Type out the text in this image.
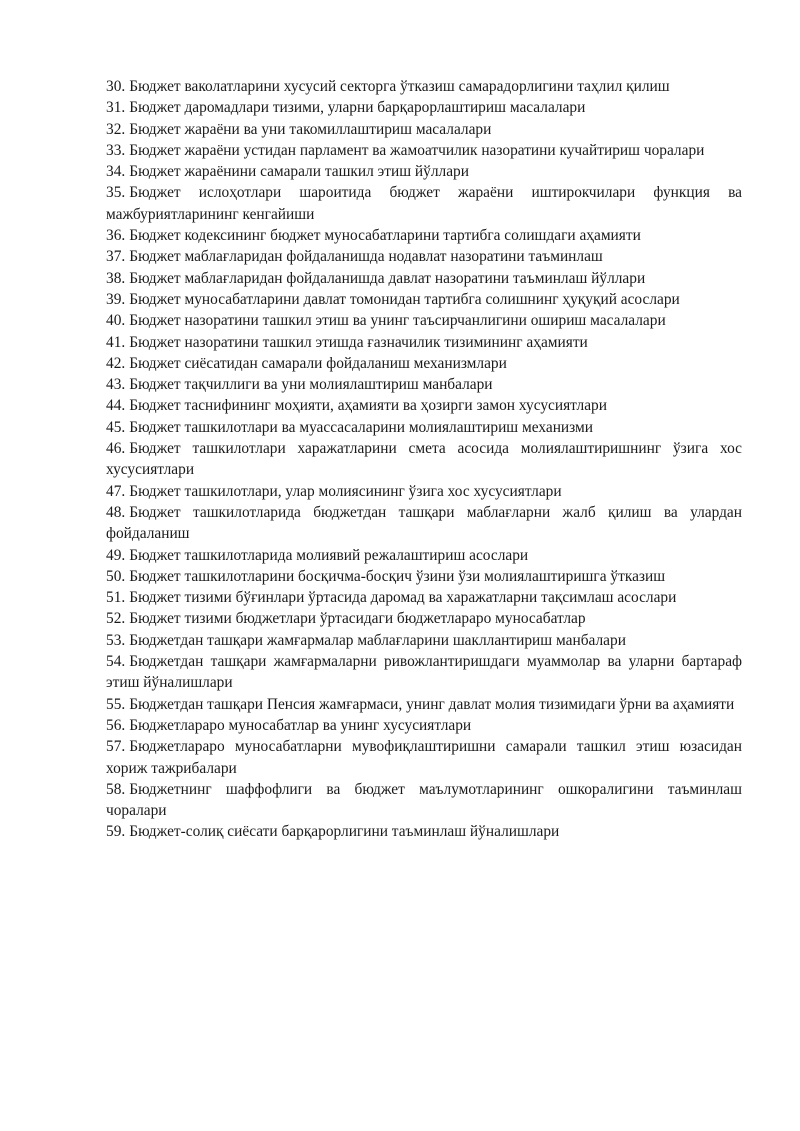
30. Бюджет ваколатларини хусусий секторга ўтказиш самарадорлигини таҳлил қилиш
31. Бюджет даромадлари тизими, уларни барқарорлаштириш масалалари
32. Бюджет жараёни ва уни такомиллаштириш масалалари
33. Бюджет жараёни устидан парламент ва жамоатчилик назоратини кучайтириш чоралари
34. Бюджет жараёнини самарали ташкил этиш йўллари
35. Бюджет ислоҳотлари шароитида бюджет жараёни иштирокчилари функция ва мажбуриятларининг кенгайиши
36. Бюджет кодексининг бюджет муносабатларини тартибга солишдаги аҳамияти
37. Бюджет маблағларидан фойдаланишда нодавлат назоратини таъминлаш
38. Бюджет маблағларидан фойдаланишда давлат назоратини таъминлаш йўллари
39. Бюджет муносабатларини давлат томонидан тартибга солишнинг ҳуқуқий асослари
40. Бюджет назоратини ташкил этиш ва унинг таъсирчанлигини ошириш масалалари
41. Бюджет назоратини ташкил этишда ғазначилик тизимининг аҳамияти
42. Бюджет сиёсатидан самарали фойдаланиш механизмлари
43. Бюджет тақчиллиги ва уни молиялаштириш манбалари
44. Бюджет таснифининг моҳияти, аҳамияти ва ҳозирги замон хусусиятлари
45. Бюджет ташкилотлари ва муассасаларини молиялаштириш механизми
46. Бюджет ташкилотлари харажатларини смета асосида молиялаштиришнинг ўзига хос хусусиятлари
47. Бюджет ташкилотлари, улар молиясининг ўзига хос хусусиятлари
48. Бюджет ташкилотларида бюджетдан ташқари маблағларни жалб қилиш ва улардан фойдаланиш
49. Бюджет ташкилотларида молиявий режалаштириш асослари
50. Бюджет ташкилотларини босқичма-босқич ўзини ўзи молиялаштиришга ўтказиш
51. Бюджет тизими бўғинлари ўртасида даромад ва харажатларни тақсимлаш асослари
52. Бюджет тизими бюджетлари ўртасидаги бюджетлараро муносабатлар
53. Бюджетдан ташқари жамғармалар маблағларини шакллантириш манбалари
54. Бюджетдан ташқари жамғармаларни ривожлантиришдаги муаммолар ва уларни бартараф этиш йўналишлари
55. Бюджетдан ташқари Пенсия жамғармаси, унинг давлат молия тизимидаги ўрни ва аҳамияти
56. Бюджетлараро муносабатлар ва унинг хусусиятлари
57. Бюджетлараро муносабатларни мувофиқлаштиришни самарали ташкил этиш юзасидан хориж тажрибалари
58. Бюджетнинг шаффофлиги ва бюджет маълумотларининг ошкоралигини таъминлаш чоралари
59. Бюджет-солиқ сиёсати барқарорлигини таъминлаш йўналишлари
